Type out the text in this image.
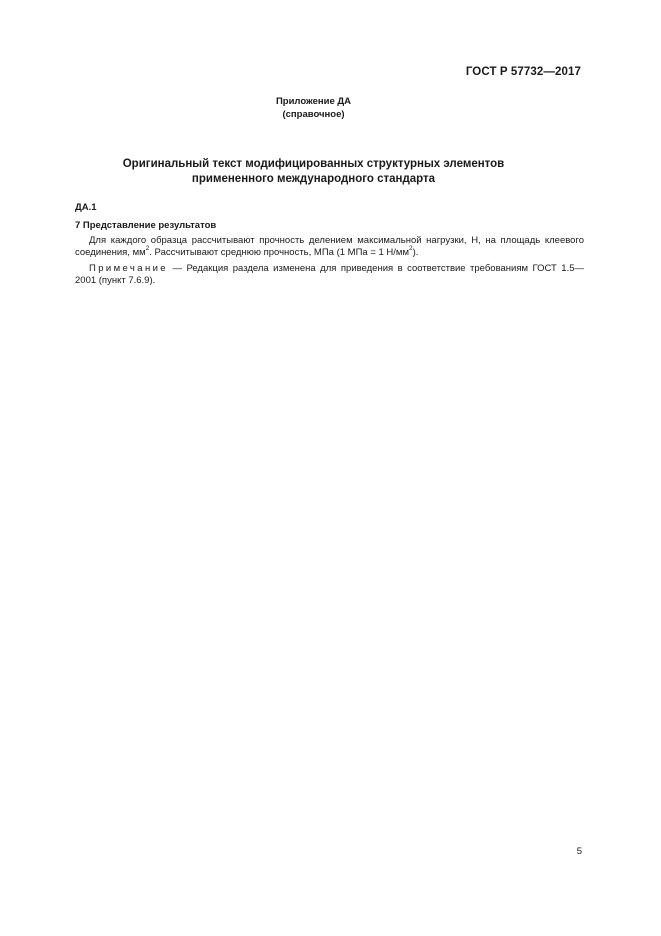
ГОСТ Р 57732—2017
Приложение ДА
(справочное)
Оригинальный текст модифицированных структурных элементов
примененного международного стандарта
ДА.1
7 Представление результатов
Для каждого образца рассчитывают прочность делением максимальной нагрузки, Н, на площадь клеевого соединения, $мм^2$. Рассчитывают среднюю прочность, МПа (1 МПа = 1 $Н/мм^2$).
Примечание — Редакция раздела изменена для приведения в соответствие требованиям ГОСТ 1.5—2001 (пункт 7.6.9).
5
